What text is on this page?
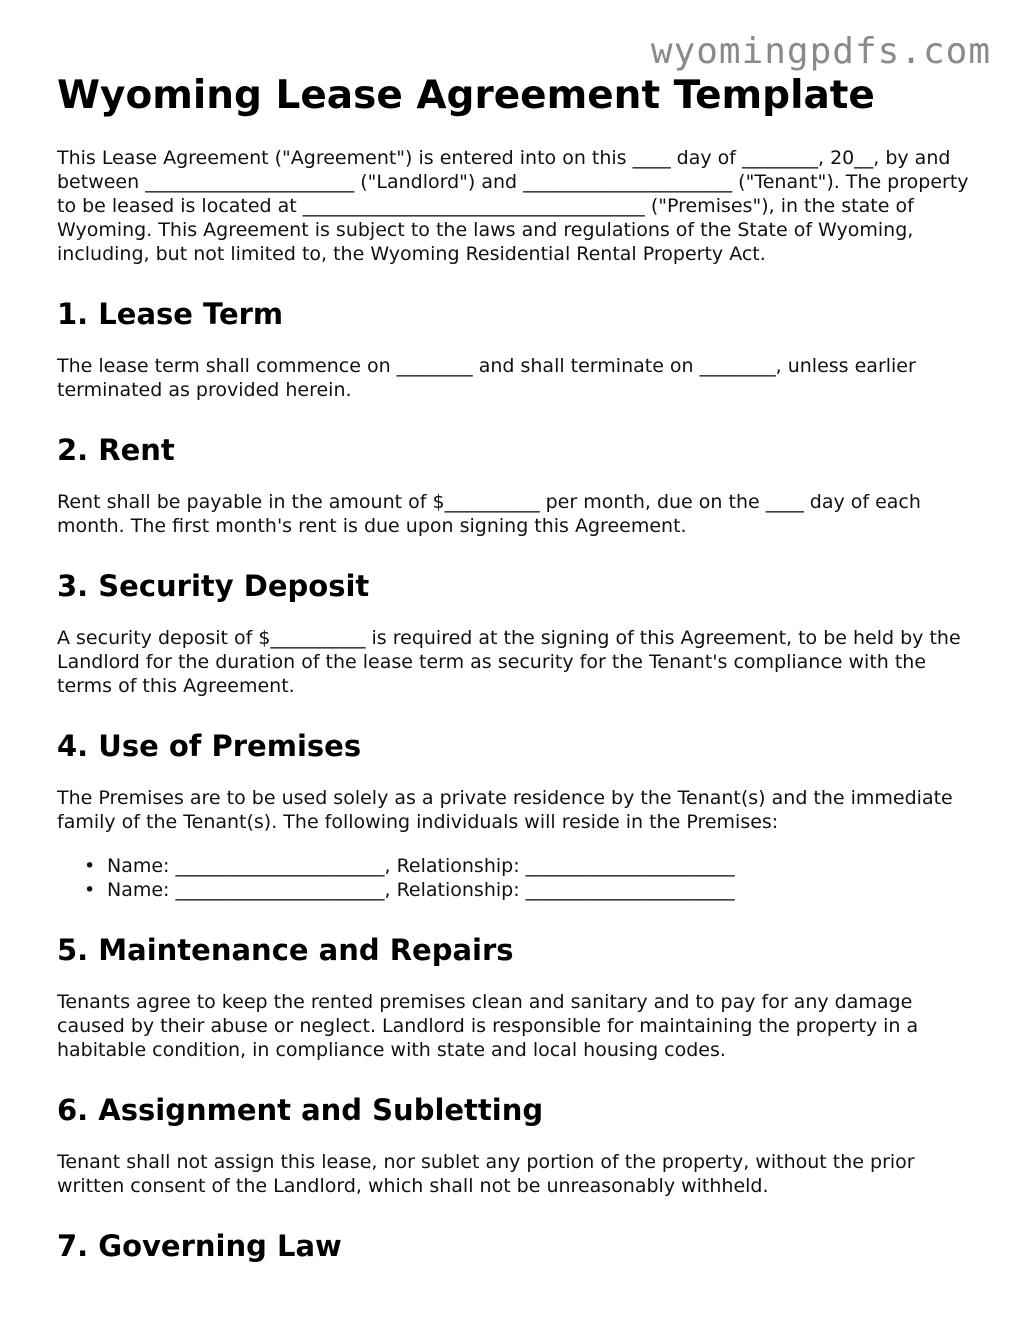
wyomingpdfs.com
Wyoming Lease Agreement Template

This Lease Agreement ("Agreement") is entered into on this ____ day of ________, 20__, by and between ______________________ ("Landlord") and ______________________ ("Tenant"). The property to be leased is located at ____________________________________ ("Premises"), in the state of Wyoming. This Agreement is subject to the laws and regulations of the State of Wyoming, including, but not limited to, the Wyoming Residential Rental Property Act.

1. Lease Term

The lease term shall commence on ________ and shall terminate on ________, unless earlier terminated as provided herein.

2. Rent

Rent shall be payable in the amount of $__________ per month, due on the ____ day of each month. The first month's rent is due upon signing this Agreement.

3. Security Deposit

A security deposit of $__________ is required at the signing of this Agreement, to be held by the Landlord for the duration of the lease term as security for the Tenant's compliance with the terms of this Agreement.

4. Use of Premises

The Premises are to be used solely as a private residence by the Tenant(s) and the immediate family of the Tenant(s). The following individuals will reside in the Premises:

• Name: ______________________, Relationship: ______________________
• Name: ______________________, Relationship: ______________________
5. Maintenance and Repairs

Tenants agree to keep the rented premises clean and sanitary and to pay for any damage caused by their abuse or neglect. Landlord is responsible for maintaining the property in a habitable condition, in compliance with state and local housing codes.

6. Assignment and Subletting

Tenant shall not assign this lease, nor sublet any portion of the property, without the prior written consent of the Landlord, which shall not be unreasonably withheld.

7. Governing Law
